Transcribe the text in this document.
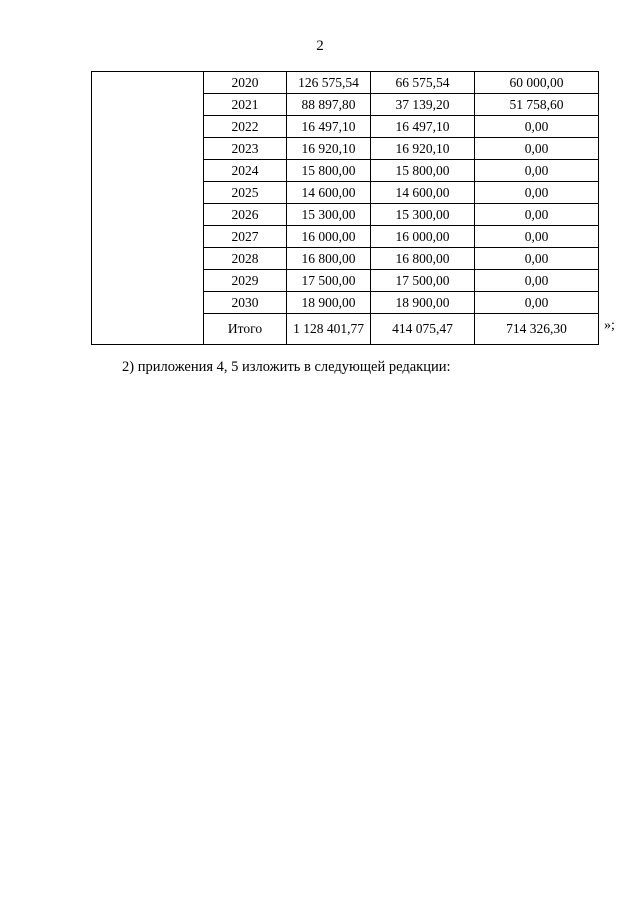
2
	2020	126 575,54	66 575,54	60 000,00
	2021	88 897,80	37 139,20	51 758,60
	2022	16 497,10	16 497,10	0,00
	2023	16 920,10	16 920,10	0,00
	2024	15 800,00	15 800,00	0,00
	2025	14 600,00	14 600,00	0,00
	2026	15 300,00	15 300,00	0,00
	2027	16 000,00	16 000,00	0,00
	2028	16 800,00	16 800,00	0,00
	2029	17 500,00	17 500,00	0,00
	2030	18 900,00	18 900,00	0,00
	Итого	1 128 401,77	414 075,47	714 326,30	»;
2) приложения 4, 5 изложить в следующей редакции:
